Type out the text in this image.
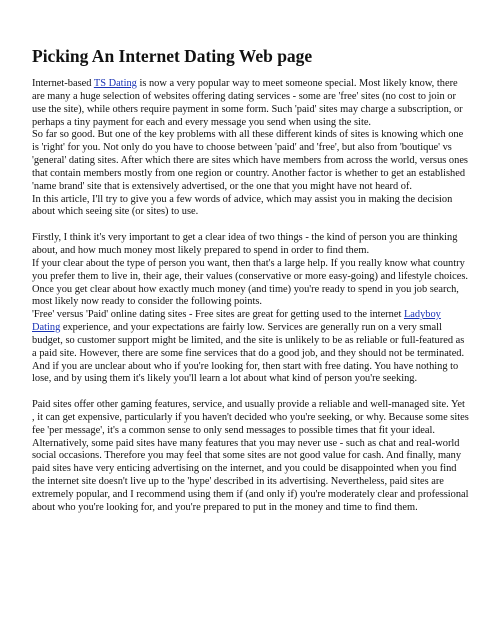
Picking An Internet Dating Web page

Internet-based TS Dating is now a very popular way to meet someone special. Most likely know, there are many a huge selection of websites offering dating services - some are 'free' sites (no cost to join or use the site), while others require payment in some form. Such 'paid' sites may charge a subscription, or perhaps a tiny payment for each and every message you send when using the site.

So far so good. But one of the key problems with all these different kinds of sites is knowing which one is 'right' for you. Not only do you have to choose between 'paid' and 'free', but also from 'boutique' vs 'general' dating sites. After which there are sites which have members from across the world, versus ones that contain members mostly from one region or country. Another factor is whether to get an established 'name brand' site that is extensively advertised, or the one that you might have not heard of.

In this article, I'll try to give you a few words of advice, which may assist you in making the decision about which seeing site (or sites) to use.

Firstly, I think it's very important to get a clear idea of two things - the kind of person you are thinking about, and how much money most likely prepared to spend in order to find them.

If your clear about the type of person you want, then that's a large help. If you really know what country you prefer them to live in, their age, their values (conservative or more easy-going) and lifestyle choices. Once you get clear about how exactly much money (and time) you're ready to spend in you job search, most likely now ready to consider the following points.

'Free' versus 'Paid' online dating sites - Free sites are great for getting used to the internet Ladyboy Dating experience, and your expectations are fairly low. Services are generally run on a very small budget, so customer support might be limited, and the site is unlikely to be as reliable or full-featured as a paid site. However, there are some fine services that do a good job, and they should not be terminated. And if you are unclear about who if you're looking for, then start with free dating. You have nothing to lose, and by using them it's likely you'll learn a lot about what kind of person you're seeking.

Paid sites offer other gaming features, service, and usually provide a reliable and well-managed site. Yet , it can get expensive, particularly if you haven't decided who you're seeking, or why. Because some sites fee 'per message', it's a common sense to only send messages to possible times that fit your ideal. Alternatively, some paid sites have many features that you may never use - such as chat and real-world social occasions. Therefore you may feel that some sites are not good value for cash. And finally, many paid sites have very enticing advertising on the internet, and you could be disappointed when you find the internet site doesn't live up to the 'hype' described in its advertising. Nevertheless, paid sites are extremely popular, and I recommend using them if (and only if) you're moderately clear and professional about who you're looking for, and you're prepared to put in the money and time to find them.
